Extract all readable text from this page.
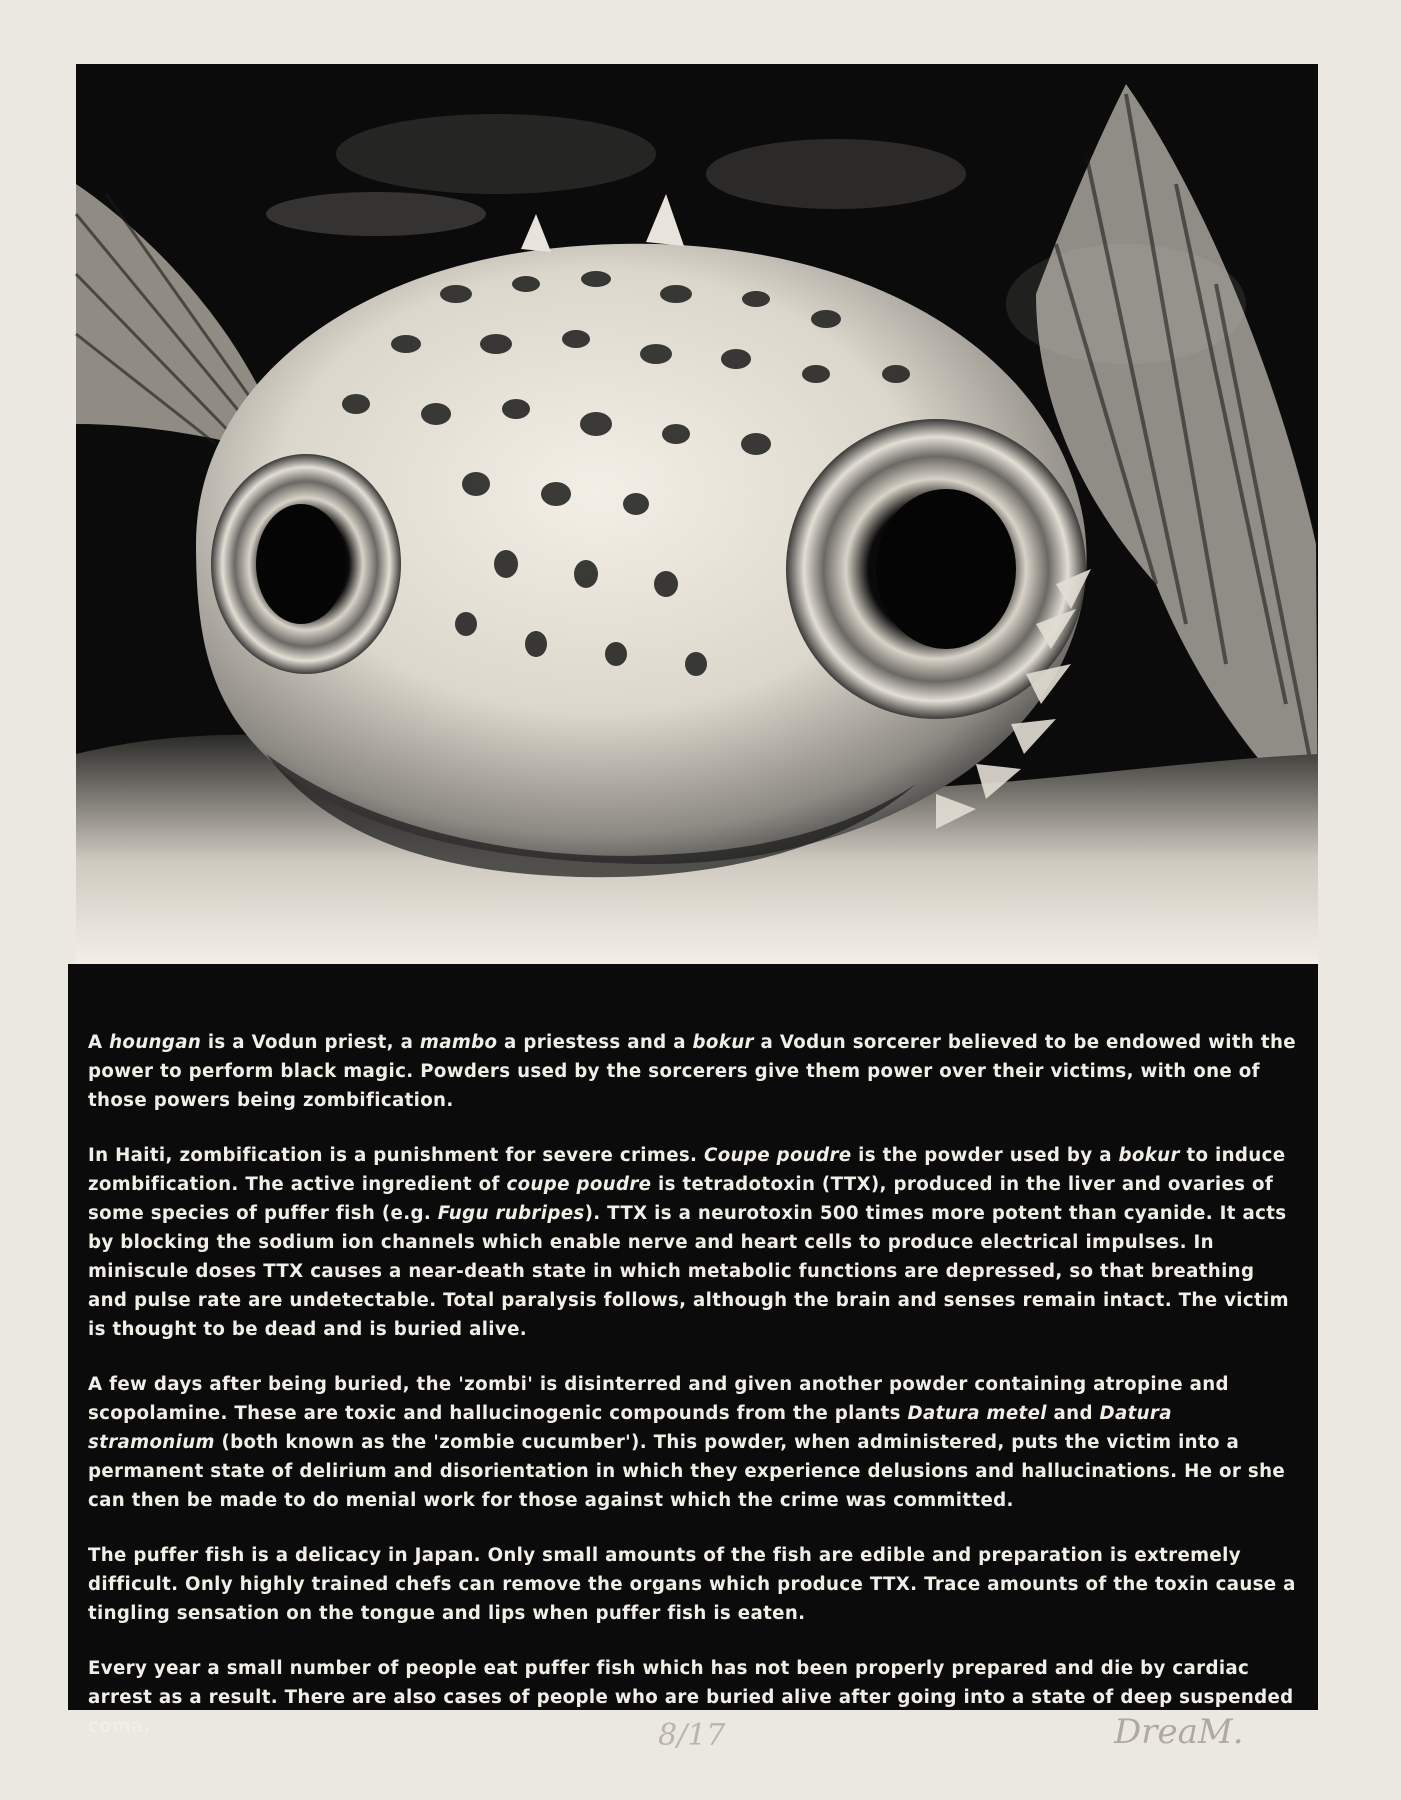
A houngan is a Vodun priest, a mambo a priestess and a bokur a Vodun sorcerer believed to be endowed with the power to perform black magic. Powders used by the sorcerers give them power over their victims, with one of those powers being zombification.

In Haiti, zombification is a punishment for severe crimes. Coupe poudre is the powder used by a bokur to induce zombification. The active ingredient of coupe poudre is tetradotoxin (TTX), produced in the liver and ovaries of some species of puffer fish (e.g. Fugu rubripes). TTX is a neurotoxin 500 times more potent than cyanide. It acts by blocking the sodium ion channels which enable nerve and heart cells to produce electrical impulses. In miniscule doses TTX causes a near-death state in which metabolic functions are depressed, so that breathing and pulse rate are undetectable. Total paralysis follows, although the brain and senses remain intact. The victim is thought to be dead and is buried alive.

A few days after being buried, the 'zombi' is disinterred and given another powder containing atropine and scopolamine. These are toxic and hallucinogenic compounds from the plants Datura metel and Datura stramonium (both known as the 'zombie cucumber'). This powder, when administered, puts the victim into a permanent state of delirium and disorientation in which they experience delusions and hallucinations. He or she can then be made to do menial work for those against which the crime was committed.

The puffer fish is a delicacy in Japan. Only small amounts of the fish are edible and preparation is extremely difficult. Only highly trained chefs can remove the organs which produce TTX. Trace amounts of the toxin cause a tingling sensation on the tongue and lips when puffer fish is eaten.

Every year a small number of people eat puffer fish which has not been properly prepared and die by cardiac arrest as a result. There are also cases of people who are buried alive after going into a state of deep suspended coma,	8/17	DreaM.
